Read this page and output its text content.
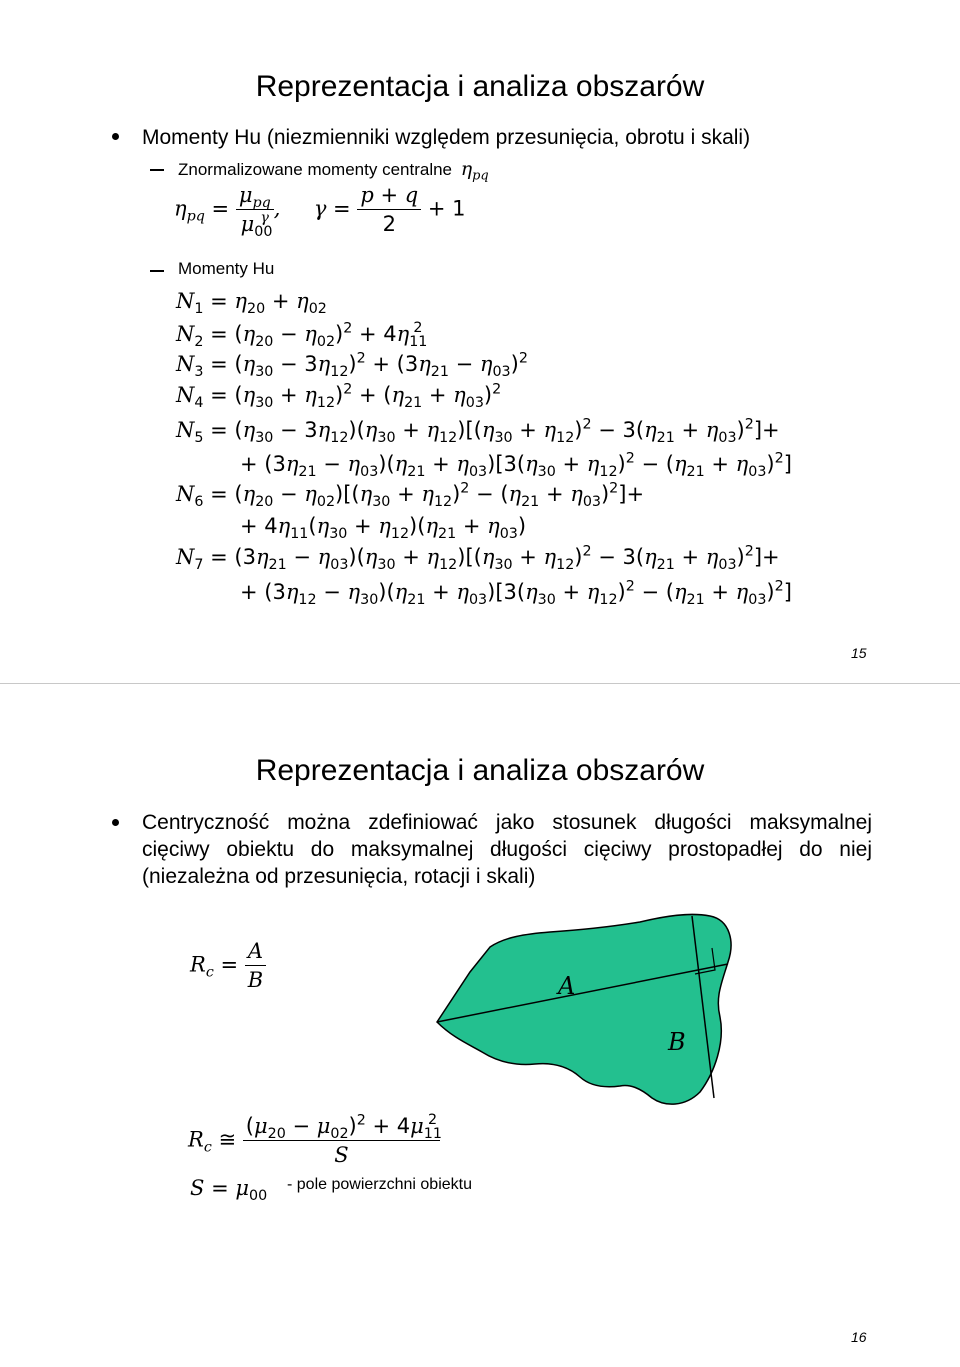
Reprezentacja i analiza obszarów
Momenty Hu (niezmienniki względem przesunięcia, obrotu i skali)
Znormalizowane momenty centralne $\eta_{pq}$
$\eta_{pq} = \frac{\mu_{pq}}{\mu_{00}^\gamma}$ , $\gamma = \frac{p + q}{2} + 1$
Momenty Hu
$N_1 = \eta_{20} + \eta_{02}$
$N_2 = (\eta_{20} - \eta_{02})^2 + 4\eta_{11}^2$
$N_3 = (\eta_{30} - 3\eta_{12})^2 + (3\eta_{21} - \eta_{03})^2$
$N_4 = (\eta_{30} + \eta_{12})^2 + (\eta_{21} + \eta_{03})^2$
$N_5 = (\eta_{30} - 3\eta_{12})(\eta_{30} + \eta_{12})[(\eta_{30} + \eta_{12})^2 - 3(\eta_{21} + \eta_{03})^2]+$
+ $(3\eta_{21} - \eta_{03})(\eta_{21} + \eta_{03})[3(\eta_{30} + \eta_{12})^2 - (\eta_{21} + \eta_{03})^2]$
$N_6 = (\eta_{20} - \eta_{02})[(\eta_{30} + \eta_{12})^2 - (\eta_{21} + \eta_{03})^2]+$
+ $4\eta_{11}(\eta_{30} + \eta_{12})(\eta_{21} + \eta_{03})$
$N_7 = (3\eta_{21} - \eta_{03})(\eta_{30} + \eta_{12})[(\eta_{30} + \eta_{12})^2 - 3(\eta_{21} + \eta_{03})^2]+$
+ $(3\eta_{12} - \eta_{30})(\eta_{21} + \eta_{03})[3(\eta_{30} + \eta_{12})^2 - (\eta_{21} + \eta_{03})^2]$
15
Reprezentacja i analiza obszarów
Centryczność można zdefiniować jako stosunek długości maksymalnej cięciwy obiektu do maksymalnej długości cięciwy prostopadłej do niej (niezależna od przesunięcia, rotacji i skali)
$R_c = \frac{A}{B}$	A
B
$R_c$ ≅ $\frac{(\mu_{20} - \mu_{02})^2 + 4\mu_{11}^2}{S}$
$S = \mu_{00}$
- pole powierzchni obiektu
16
